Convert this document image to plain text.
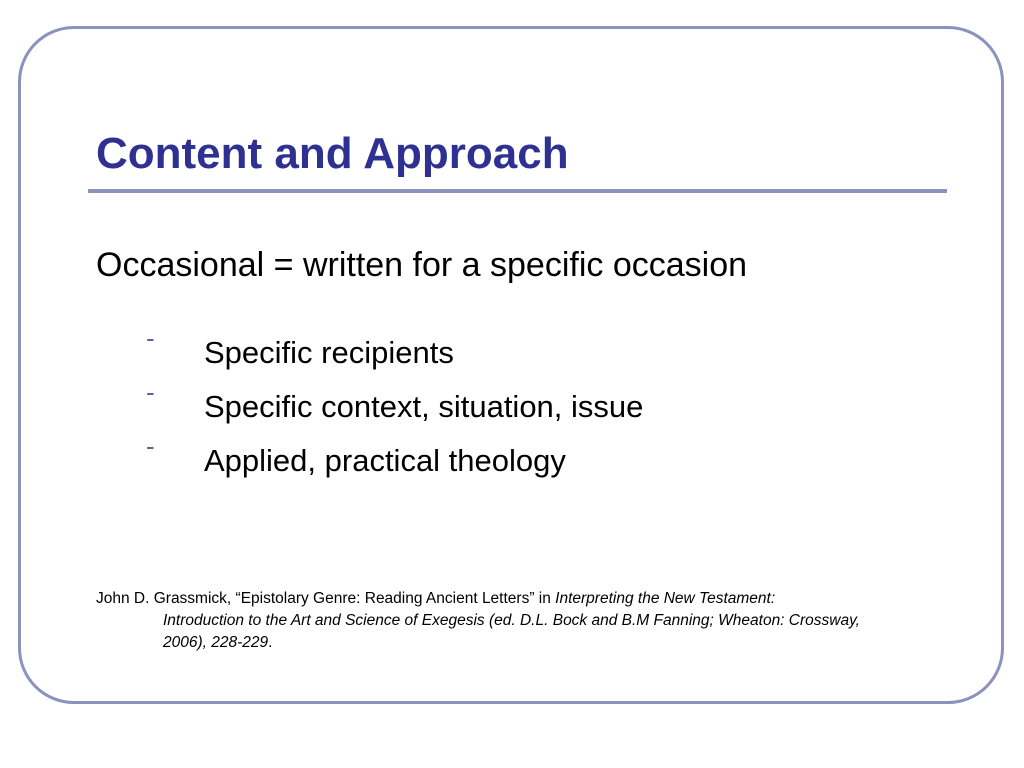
Content and Approach

Occasional = written for a specific occasion

- Specific recipients
- Specific context, situation, issue
- Applied, practical theology

John D. Grassmick, “Epistolary Genre: Reading Ancient Letters” in Interpreting the New Testament:
Introduction to the Art and Science of Exegesis (ed. D.L. Bock and B.M Fanning; Wheaton: Crossway,
2006), 228-229.
